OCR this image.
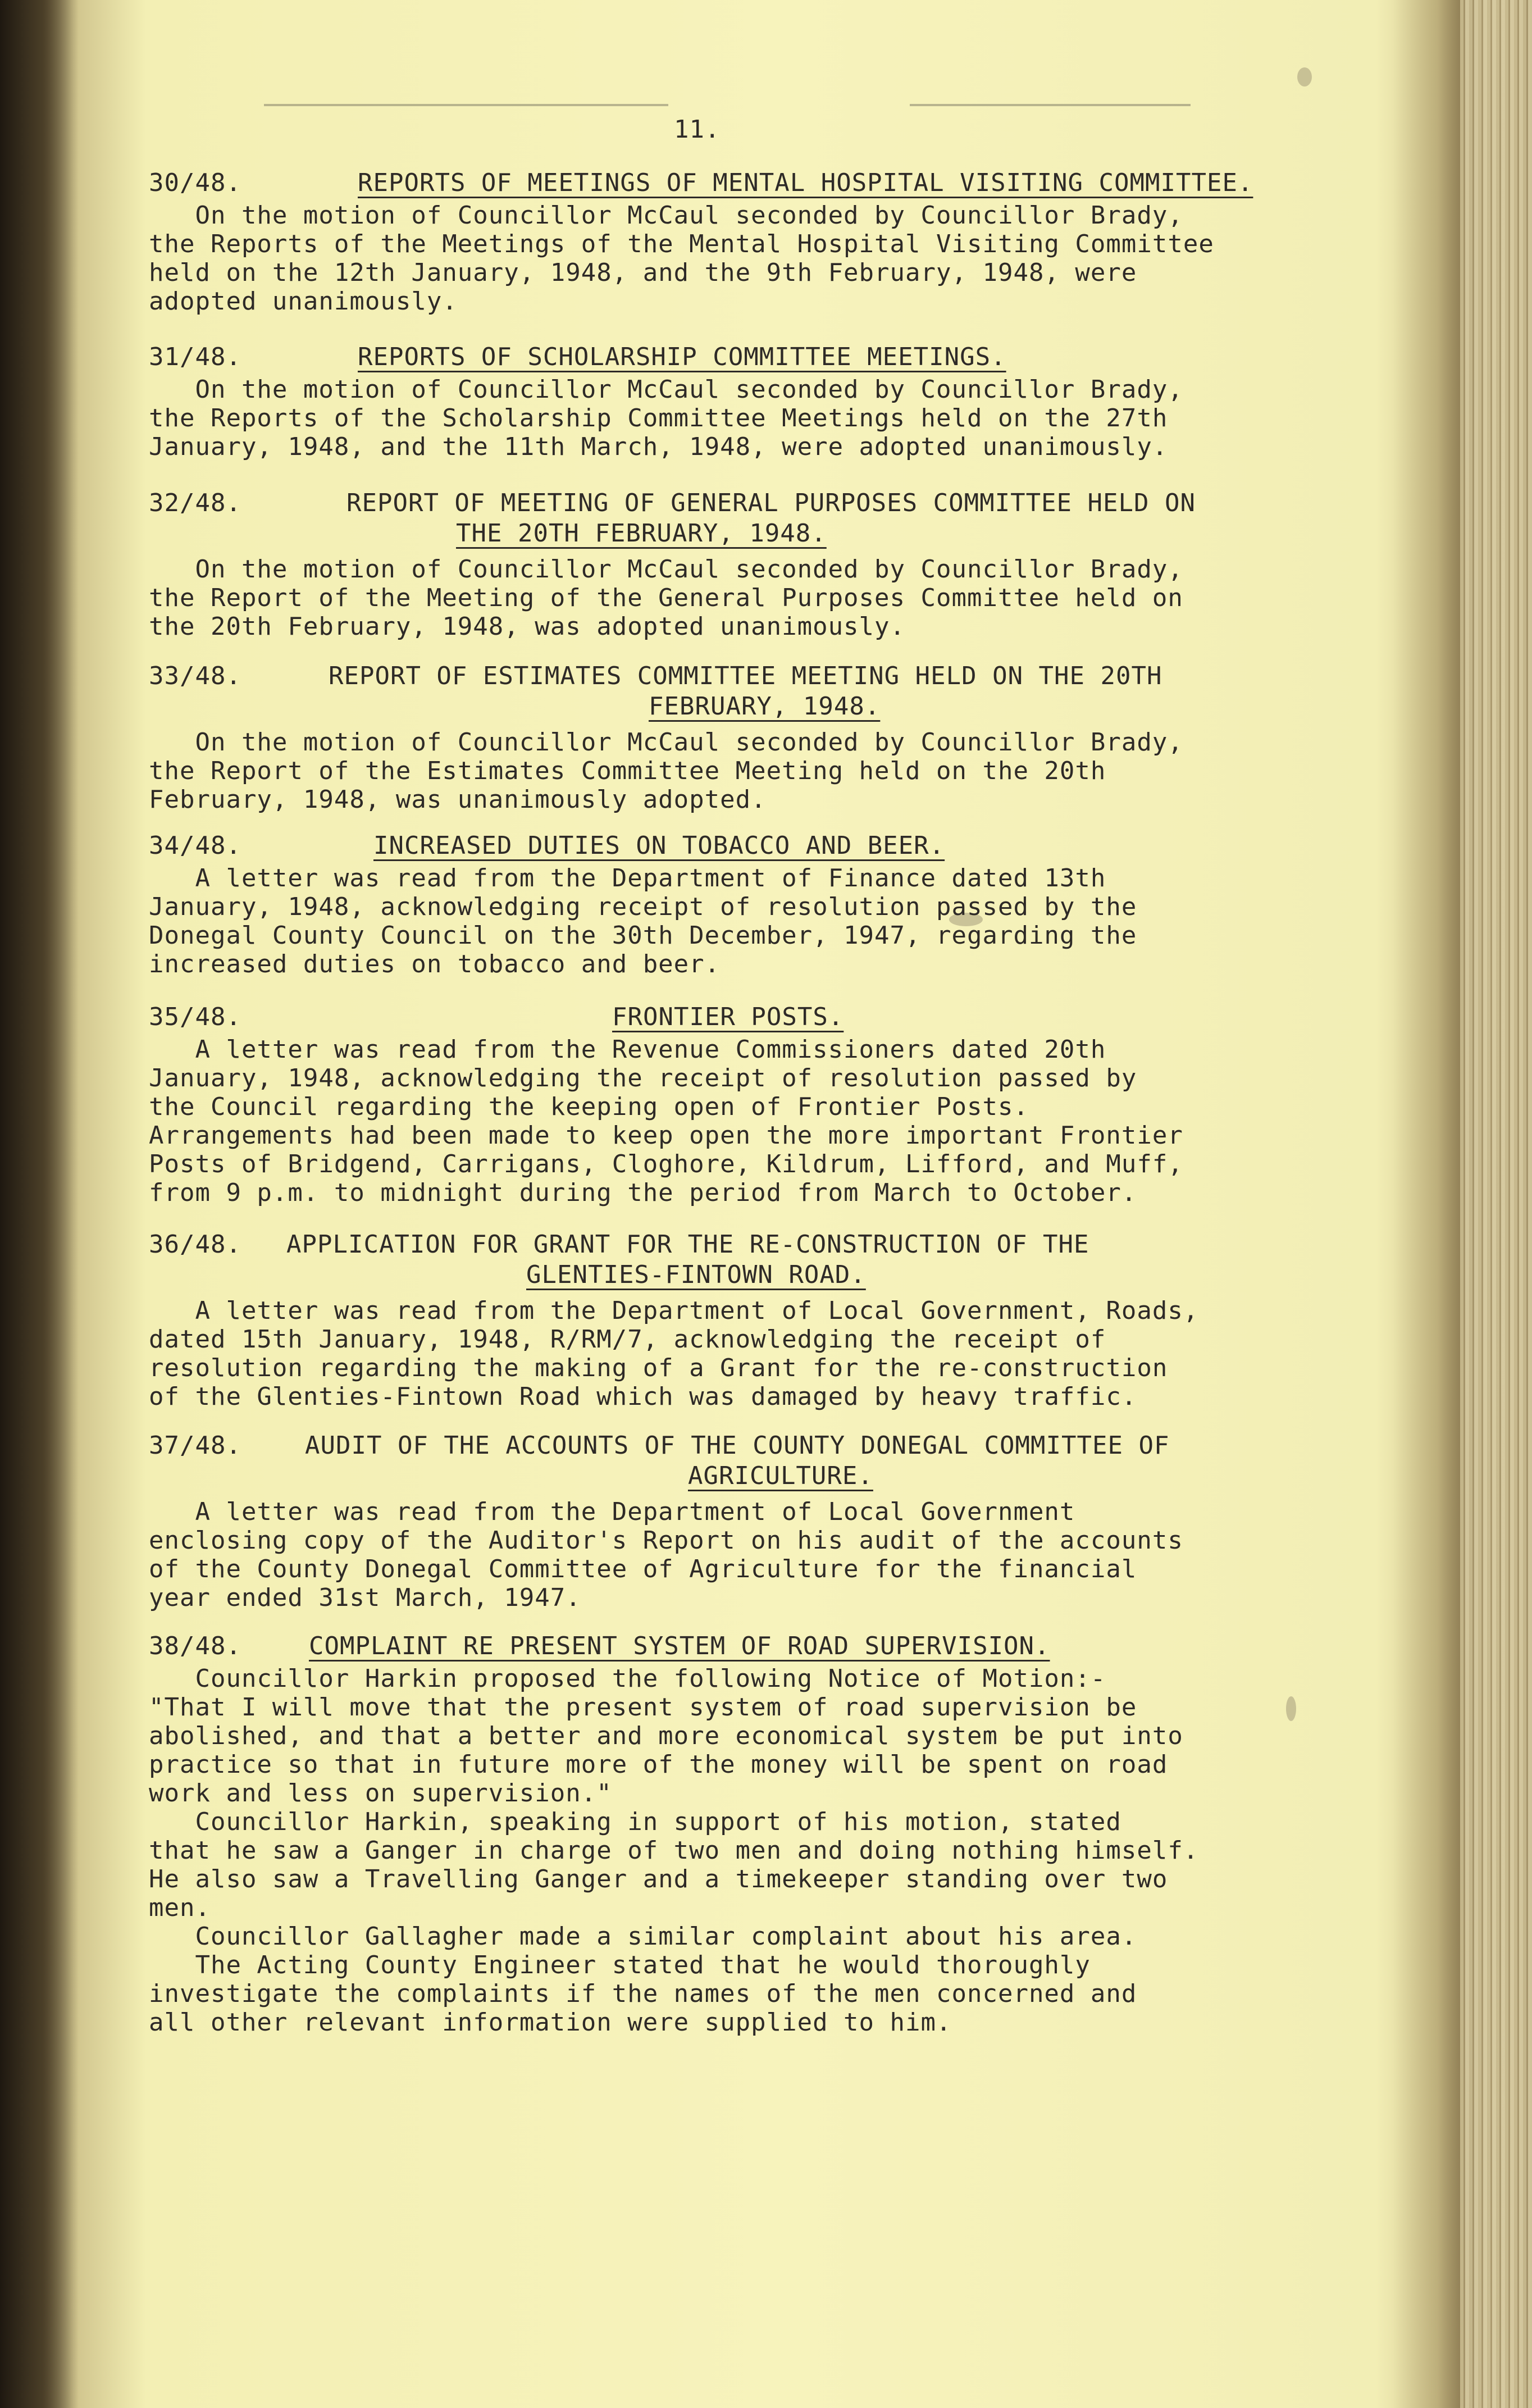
11.
30/48.	REPORTS OF MEETINGS OF MENTAL HOSPITAL VISITING COMMITTEE.

On the motion of Councillor McCaul seconded by Councillor Brady,

the Reports of the Meetings of the Mental Hospital Visiting Committee

held on the 12th January, 1948, and the 9th February, 1948, were

adopted unanimously.

31/48.	REPORTS OF SCHOLARSHIP COMMITTEE MEETINGS.

On the motion of Councillor McCaul seconded by Councillor Brady,

the Reports of the Scholarship Committee Meetings held on the 27th

January, 1948, and the 11th March, 1948, were adopted unanimously.

32/48.	REPORT OF MEETING OF GENERAL PURPOSES COMMITTEE HELD ON
THE 20TH FEBRUARY, 1948.

On the motion of Councillor McCaul seconded by Councillor Brady,

the Report of the Meeting of the General Purposes Committee held on

the 20th February, 1948, was adopted unanimously.

33/48.	REPORT OF ESTIMATES COMMITTEE MEETING HELD ON THE 20TH
FEBRUARY, 1948.

On the motion of Councillor McCaul seconded by Councillor Brady,

the Report of the Estimates Committee Meeting held on the 20th

February, 1948, was unanimously adopted.

34/48.	INCREASED DUTIES ON TOBACCO AND BEER.

A letter was read from the Department of Finance dated 13th

January, 1948, acknowledging receipt of resolution passed by the

Donegal County Council on the 30th December, 1947, regarding the

increased duties on tobacco and beer.

35/48.	FRONTIER POSTS.

A letter was read from the Revenue Commissioners dated 20th

January, 1948, acknowledging the receipt of resolution passed by

the Council regarding the keeping open of Frontier Posts.

Arrangements had been made to keep open the more important Frontier

Posts of Bridgend, Carrigans, Cloghore, Kildrum, Lifford, and Muff,

from 9 p.m. to midnight during the period from March to October.

36/48. APPLICATION FOR GRANT FOR THE RE-CONSTRUCTION OF THE
GLENTIES-FINTOWN ROAD.

A letter was read from the Department of Local Government, Roads,

dated 15th January, 1948, R/RM/7, acknowledging the receipt of

resolution regarding the making of a Grant for the re-construction

of the Glenties-Fintown Road which was damaged by heavy traffic.

37/48.	AUDIT OF THE ACCOUNTS OF THE COUNTY DONEGAL COMMITTEE OF
AGRICULTURE.

A letter was read from the Department of Local Government

enclosing copy of the Auditor's Report on his audit of the accounts

of the County Donegal Committee of Agriculture for the financial

year ended 31st March, 1947.

38/48.	COMPLAINT RE PRESENT SYSTEM OF ROAD SUPERVISION.

Councillor Harkin proposed the following Notice of Motion:-

"That I will move that the present system of road supervision be

abolished, and that a better and more economical system be put into

practice so that in future more of the money will be spent on road

work and less on supervision."

Councillor Harkin, speaking in support of his motion, stated

that he saw a Ganger in charge of two men and doing nothing himself.

He also saw a Travelling Ganger and a timekeeper standing over two

men.

Councillor Gallagher made a similar complaint about his area.

The Acting County Engineer stated that he would thoroughly

investigate the complaints if the names of the men concerned and

all other relevant information were supplied to him.
